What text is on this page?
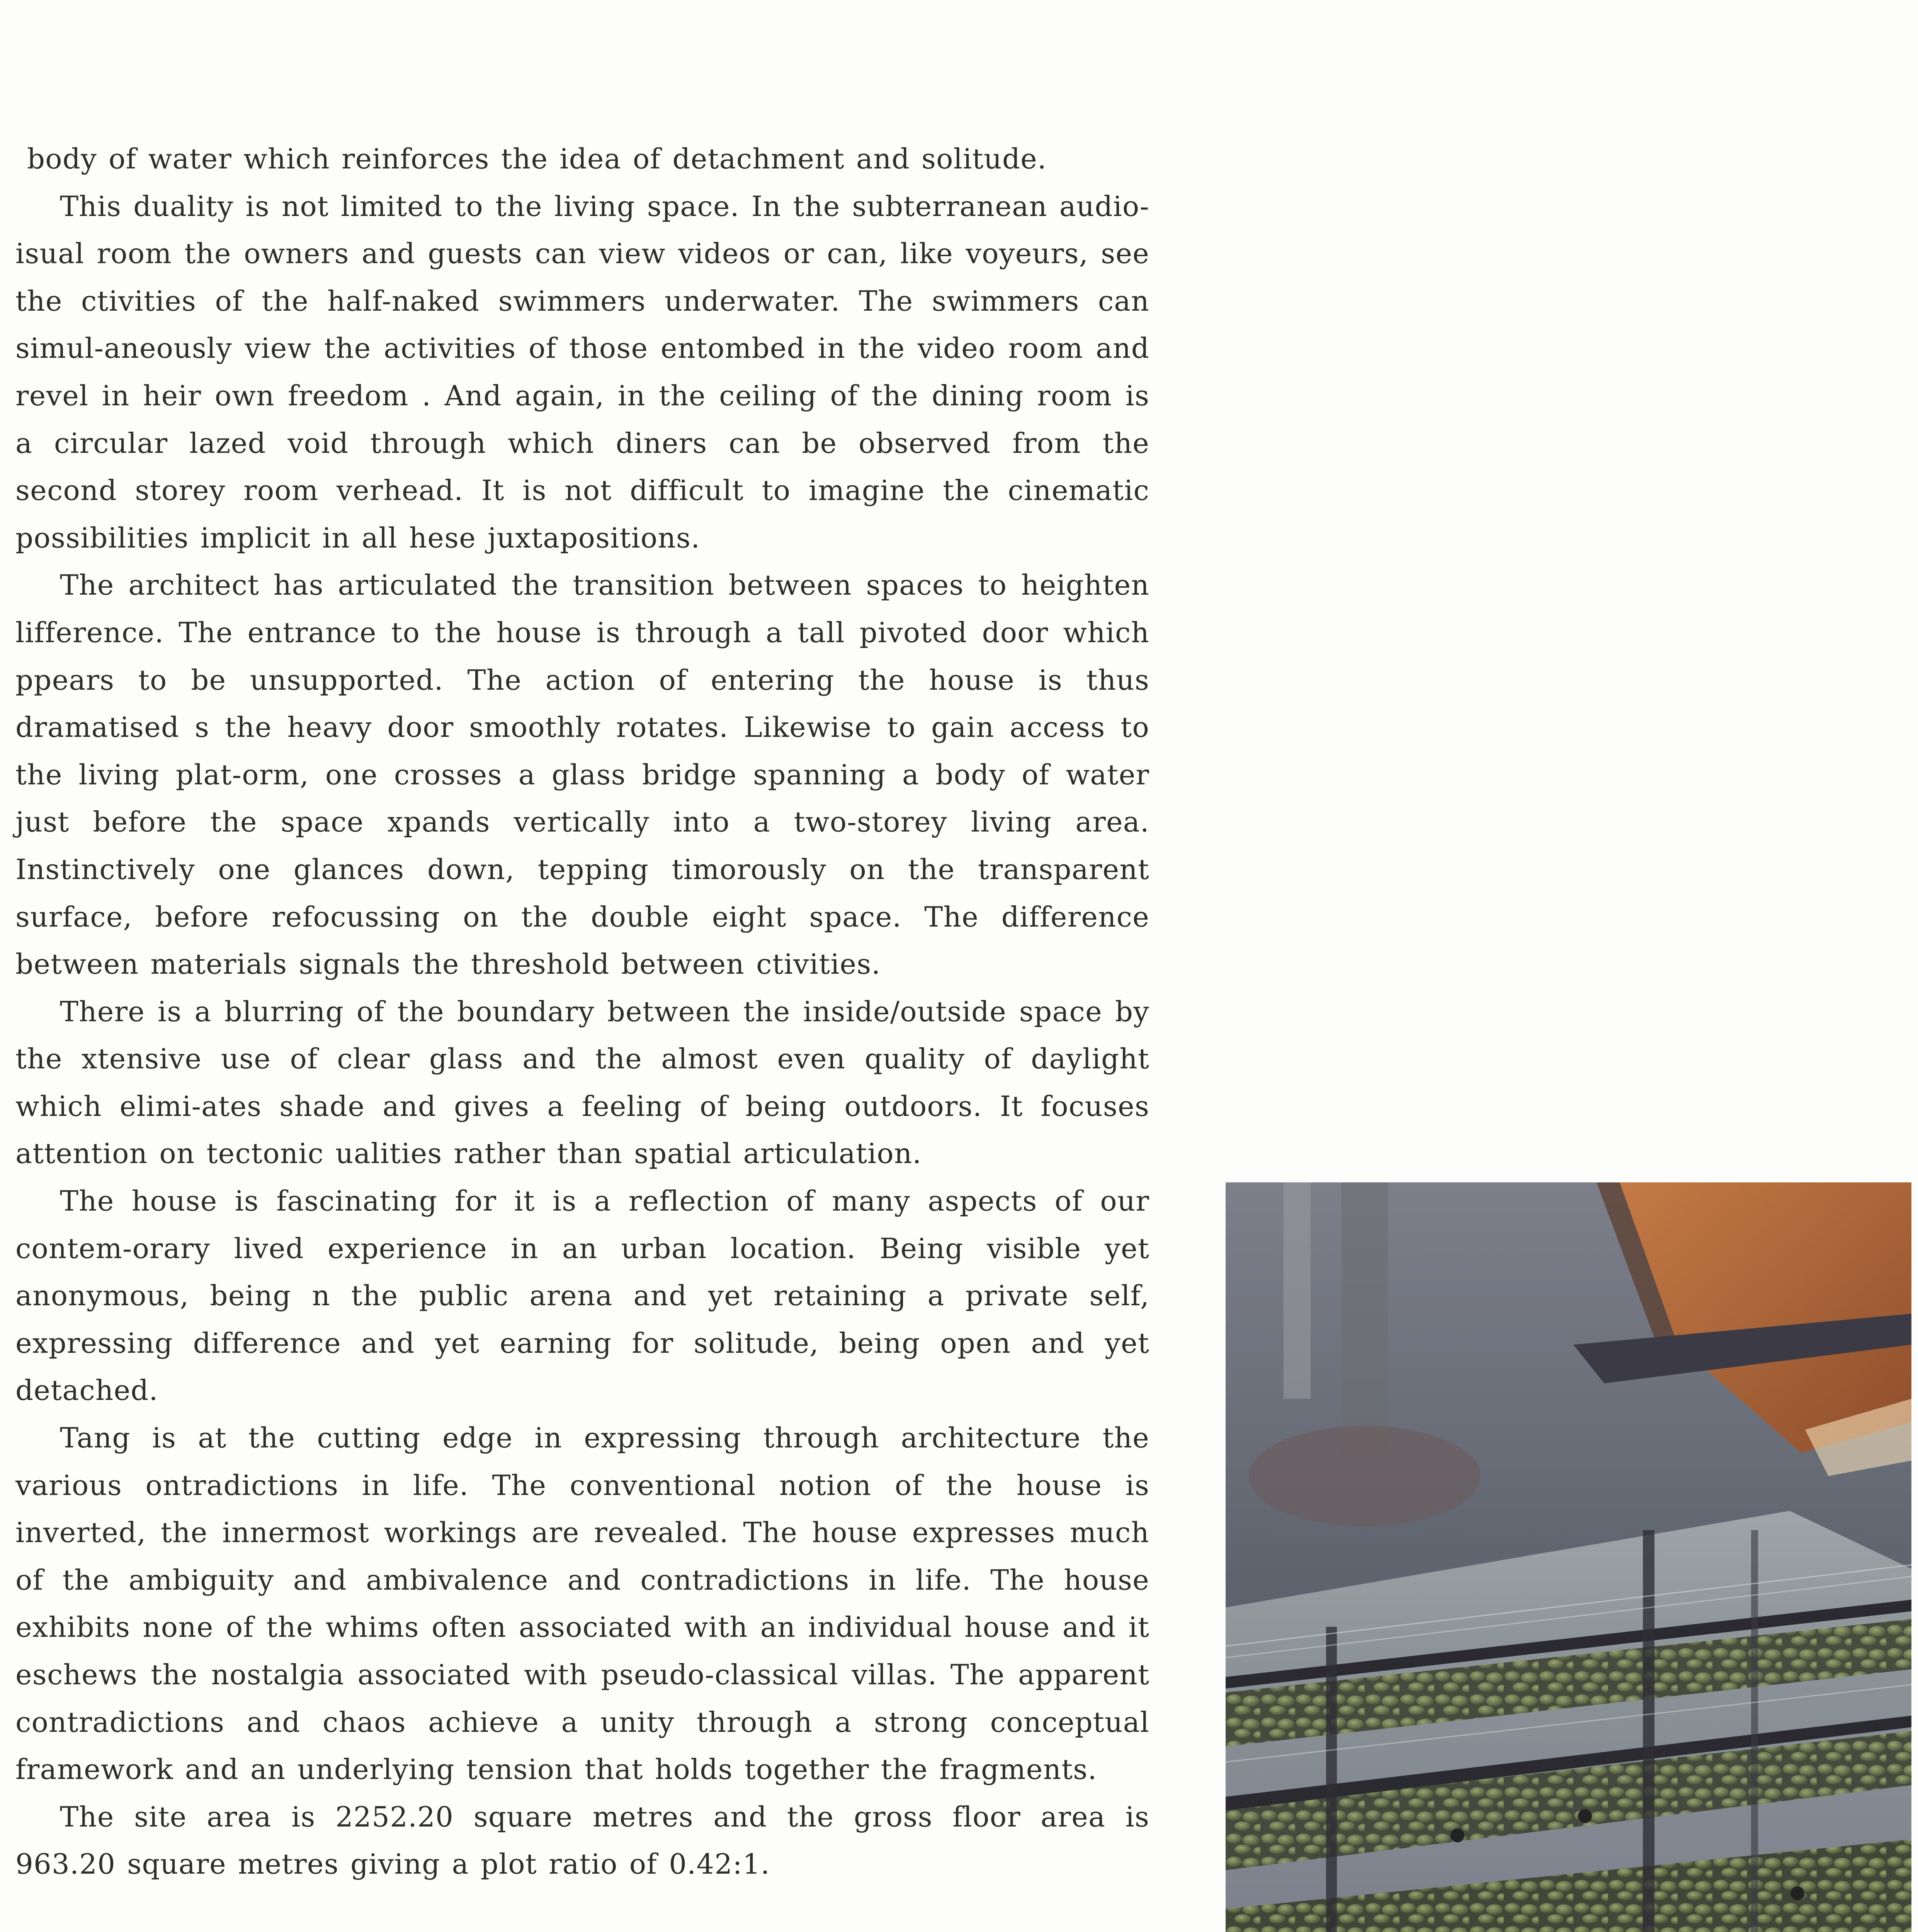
body of water which reinforces the idea of detachment and solitude.

This duality is not limited to the living space. In the subterranean audio-isual room the owners and guests can view videos or can, like voyeurs, see the ctivities of the half-naked swimmers underwater. The swimmers can simul-aneously view the activities of those entombed in the video room and revel in heir own freedom . And again, in the ceiling of the dining room is a circular lazed void through which diners can be observed from the second storey room verhead. It is not difficult to imagine the cinematic possibilities implicit in all hese juxtapositions.

The architect has articulated the transition between spaces to heighten lifference. The entrance to the house is through a tall pivoted door which ppears to be unsupported. The action of entering the house is thus dramatised s the heavy door smoothly rotates. Likewise to gain access to the living plat-orm, one crosses a glass bridge spanning a body of water just before the space xpands vertically into a two-storey living area. Instinctively one glances down, tepping timorously on the transparent surface, before refocussing on the double eight space. The difference between materials signals the threshold between ctivities.

There is a blurring of the boundary between the inside/outside space by the xtensive use of clear glass and the almost even quality of daylight which elimi-ates shade and gives a feeling of being outdoors. It focuses attention on tectonic ualities rather than spatial articulation.

The house is fascinating for it is a reflection of many aspects of our contem-orary lived experience in an urban location. Being visible yet anonymous, being n the public arena and yet retaining a private self, expressing difference and yet earning for solitude, being open and yet detached.

Tang is at the cutting edge in expressing through architecture the various ontradictions in life. The conventional notion of the house is inverted, the innermost workings are revealed. The house expresses much of the ambiguity and ambivalence and contradictions in life. The house exhibits none of the whims often associated with an individual house and it eschews the nostalgia associated with pseudo-classical villas. The apparent contradictions and chaos achieve a unity through a strong conceptual framework and an underlying tension that holds together the fragments.

The site area is 2252.20 square metres and the gross floor area is 963.20 square metres giving a plot ratio of 0.42:1.
